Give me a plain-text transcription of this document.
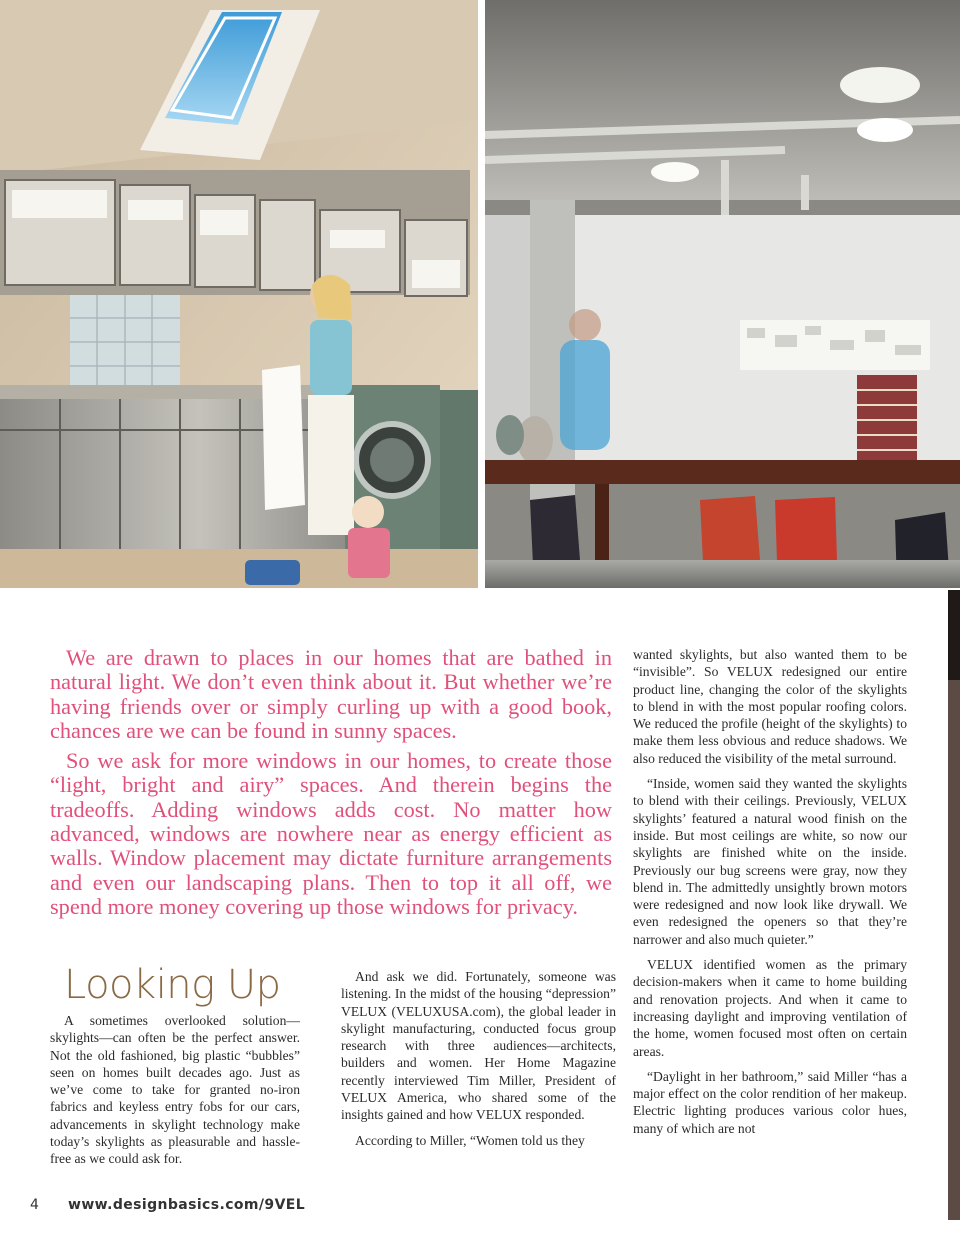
We are drawn to places in our homes that are bathed in natural light. We don’t even think about it. But whether we’re having friends over or simply curling up with a good book, chances are we can be found in sunny spaces.

So we ask for more windows in our homes, to create those “light, bright and airy” spaces. And therein begins the tradeoffs. Adding windows adds cost. No matter how advanced, windows are nowhere near as energy efficient as walls. Window placement may dictate furniture arrangements and even our landscaping plans. Then to top it all off, we spend more money covering up those windows for privacy.

Looking Up

A sometimes overlooked solution—skylights—can often be the perfect answer. Not the old fashioned, big plastic “bubbles” seen on homes built decades ago. Just as we’ve come to take for granted no-iron fabrics and keyless entry fobs for our cars, advancements in skylight technology make today’s skylights as pleasurable and hassle-free as we could ask for.

And ask we did. Fortunately, someone was listening. In the midst of the housing “depression” VELUX (VELUXUSA.com), the global leader in skylight manufacturing, conducted focus group research with three audiences—architects, builders and women. Her Home Magazine recently interviewed Tim Miller, President of VELUX America, who shared some of the insights gained and how VELUX responded.

According to Miller, “Women told us they

wanted skylights, but also wanted them to be “invisible”. So VELUX redesigned our entire product line, changing the color of the skylights to blend in with the most popular roofing colors. We reduced the profile (height of the skylights) to make them less obvious and reduce shadows. We also reduced the visibility of the metal surround.

“Inside, women said they wanted the skylights to blend with their ceilings. Previously, VELUX skylights’ featured a natural wood finish on the inside. But most ceilings are white, so now our skylights are finished white on the inside. Previously our bug screens were gray, now they blend in. The admittedly unsightly brown motors were redesigned and now look like drywall. We even redesigned the openers so that they’re narrower and also much quieter.”

VELUX identified women as the primary decision-makers when it came to home building and renovation projects. And when it came to increasing daylight and improving ventilation of the home, women focused most often on certain areas.

“Daylight in her bathroom,” said Miller “has a major effect on the color rendition of her makeup. Electric lighting produces various color hues, many of which are not

4 www.designbasics.com/9VEL
